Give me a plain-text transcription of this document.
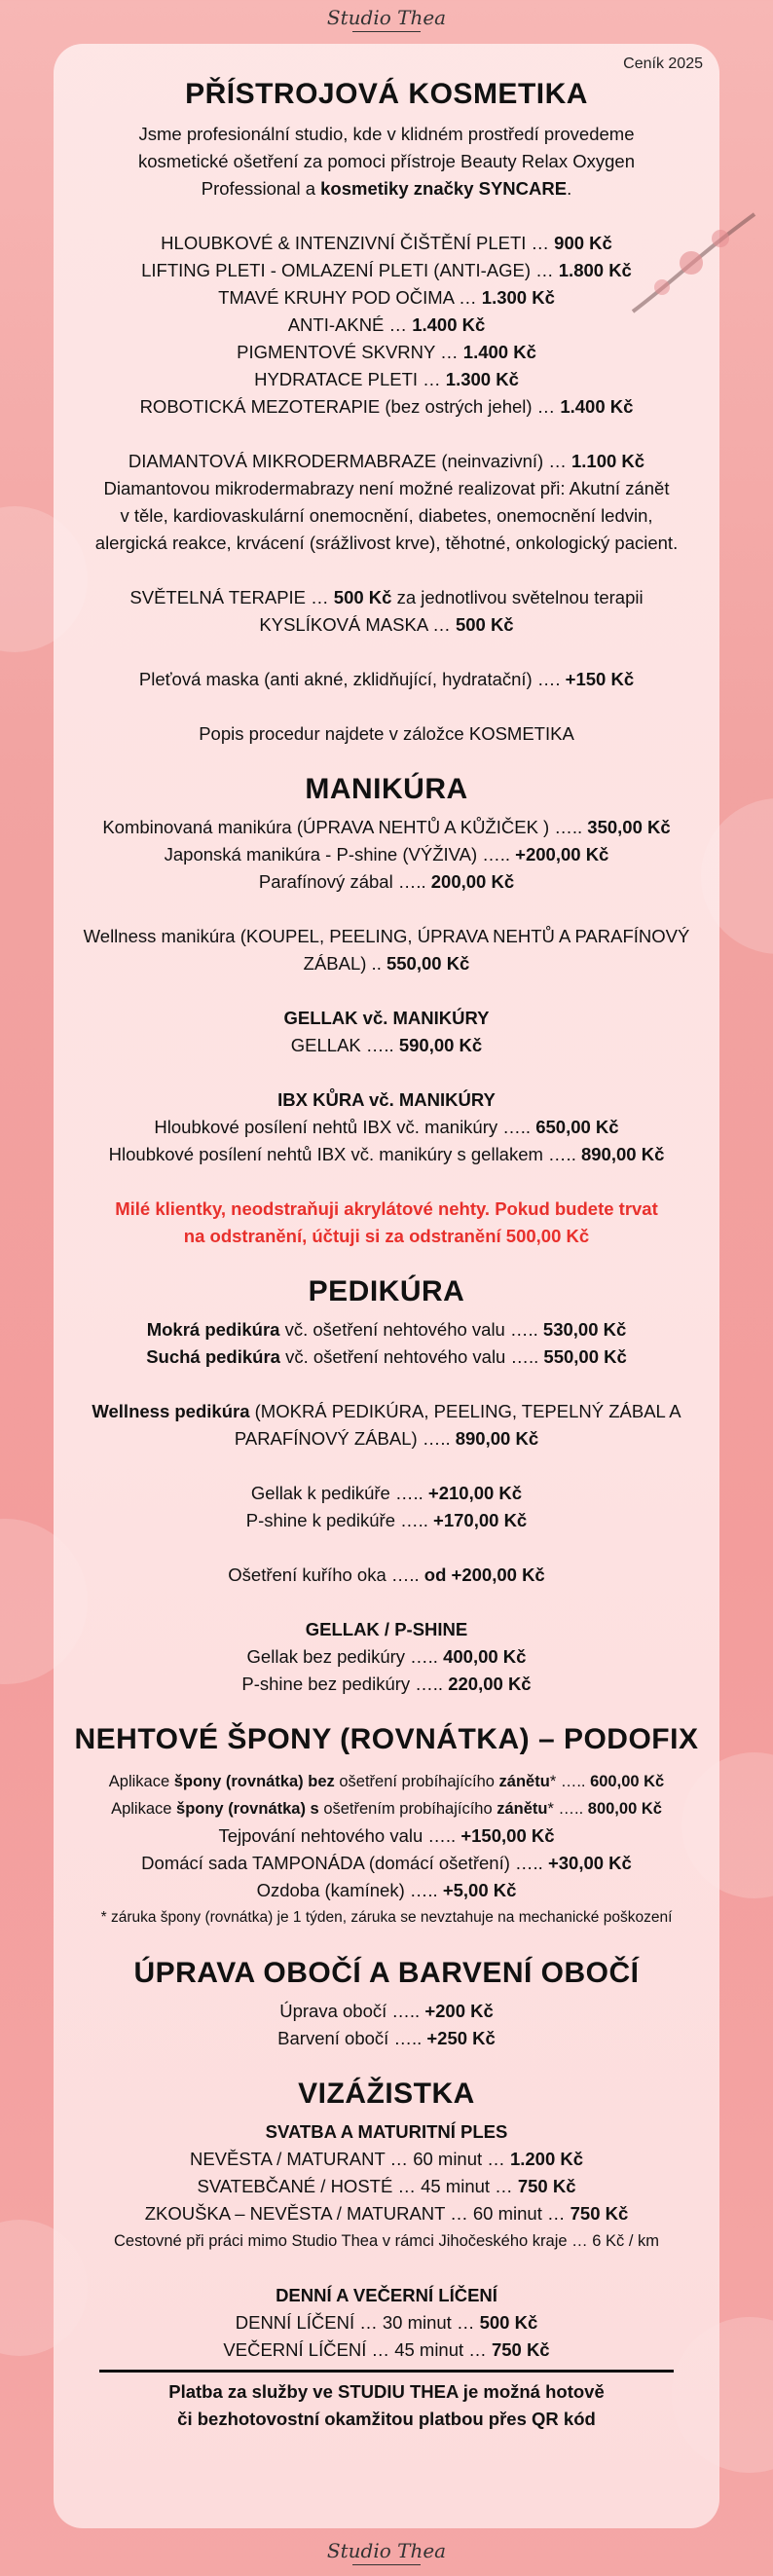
Studio Thea
Ceník 2025
PŘÍSTROJOVÁ KOSMETIKA

Jsme profesionální studio, kde v klidném prostředí provedeme

kosmetické ošetření za pomoci přístroje Beauty Relax Oxygen

Professional a kosmetiky značky SYNCARE.

HLOUBKOVÉ & INTENZIVNÍ ČIŠTĚNÍ PLETI … 900 Kč

LIFTING PLETI - OMLAZENÍ PLETI (ANTI-AGE) … 1.800 Kč

TMAVÉ KRUHY POD OČIMA … 1.300 Kč

ANTI-AKNÉ … 1.400 Kč

PIGMENTOVÉ SKVRNY … 1.400 Kč

HYDRATACE PLETI … 1.300 Kč

ROBOTICKÁ MEZOTERAPIE (bez ostrých jehel) … 1.400 Kč

DIAMANTOVÁ MIKRODERMABRAZE (neinvazivní) … 1.100 Kč

Diamantovou mikrodermabrazy není možné realizovat při: Akutní zánět

v těle, kardiovaskulární onemocnění, diabetes, onemocnění ledvin,

alergická reakce, krvácení (srážlivost krve), těhotné, onkologický pacient.

SVĚTELNÁ TERAPIE … 500 Kč za jednotlivou světelnou terapii

KYSLÍKOVÁ MASKA … 500 Kč

Pleťová maska (anti akné, zklidňující, hydratační) …. +150 Kč

Popis procedur najdete v záložce KOSMETIKA

MANIKÚRA

Kombinovaná manikúra (ÚPRAVA NEHTŮ A KŮŽIČEK ) ….. 350,00 Kč

Japonská manikúra - P-shine (VÝŽIVA) ….. +200,00 Kč

Parafínový zábal ….. 200,00 Kč

Wellness manikúra (KOUPEL, PEELING, ÚPRAVA NEHTŮ A PARAFÍNOVÝ

ZÁBAL) .. 550,00 Kč

GELLAK vč. MANIKÚRY

GELLAK ….. 590,00 Kč

IBX KŮRA vč. MANIKÚRY

Hloubkové posílení nehtů IBX vč. manikúry ….. 650,00 Kč

Hloubkové posílení nehtů IBX vč. manikúry s gellakem ….. 890,00 Kč

Milé klientky, neodstraňuji akrylátové nehty. Pokud budete trvat

na odstranění, účtuji si za odstranění 500,00 Kč

PEDIKÚRA

Mokrá pedikúra vč. ošetření nehtového valu ….. 530,00 Kč

Suchá pedikúra vč. ošetření nehtového valu ….. 550,00 Kč

Wellness pedikúra (MOKRÁ PEDIKÚRA, PEELING, TEPELNÝ ZÁBAL A

PARAFÍNOVÝ ZÁBAL) ….. 890,00 Kč

Gellak k pedikúře ….. +210,00 Kč

P-shine k pedikúře ….. +170,00 Kč

Ošetření kuřího oka ….. od +200,00 Kč

GELLAK / P-SHINE

Gellak bez pedikúry ….. 400,00 Kč

P-shine bez pedikúry ….. 220,00 Kč

NEHTOVÉ ŠPONY (ROVNÁTKA) – PODOFIX

Aplikace špony (rovnátka) bez ošetření probíhajícího zánětu* ….. 600,00 Kč

Aplikace špony (rovnátka) s ošetřením probíhajícího zánětu* ….. 800,00 Kč

Tejpování nehtového valu ….. +150,00 Kč

Domácí sada TAMPONÁDA (domácí ošetření) ….. +30,00 Kč

Ozdoba (kamínek) ….. +5,00 Kč

* záruka špony (rovnátka) je 1 týden, záruka se nevztahuje na mechanické poškození

ÚPRAVA OBOČÍ A BARVENÍ OBOČÍ

Úprava obočí ….. +200 Kč

Barvení obočí ….. +250 Kč

VIZÁŽISTKA

SVATBA A MATURITNÍ PLES

NEVĚSTA / MATURANT … 60 minut … 1.200 Kč

SVATEBČANÉ / HOSTÉ … 45 minut … 750 Kč

ZKOUŠKA – NEVĚSTA / MATURANT … 60 minut … 750 Kč

Cestovné při práci mimo Studio Thea v rámci Jihočeského kraje … 6 Kč / km

DENNÍ A VEČERNÍ LÍČENÍ

DENNÍ LÍČENÍ … 30 minut … 500 Kč

VEČERNÍ LÍČENÍ … 45 minut … 750 Kč

Platba za služby ve STUDIU THEA je možná hotově

či bezhotovostní okamžitou platbou přes QR kód

Studio Thea
